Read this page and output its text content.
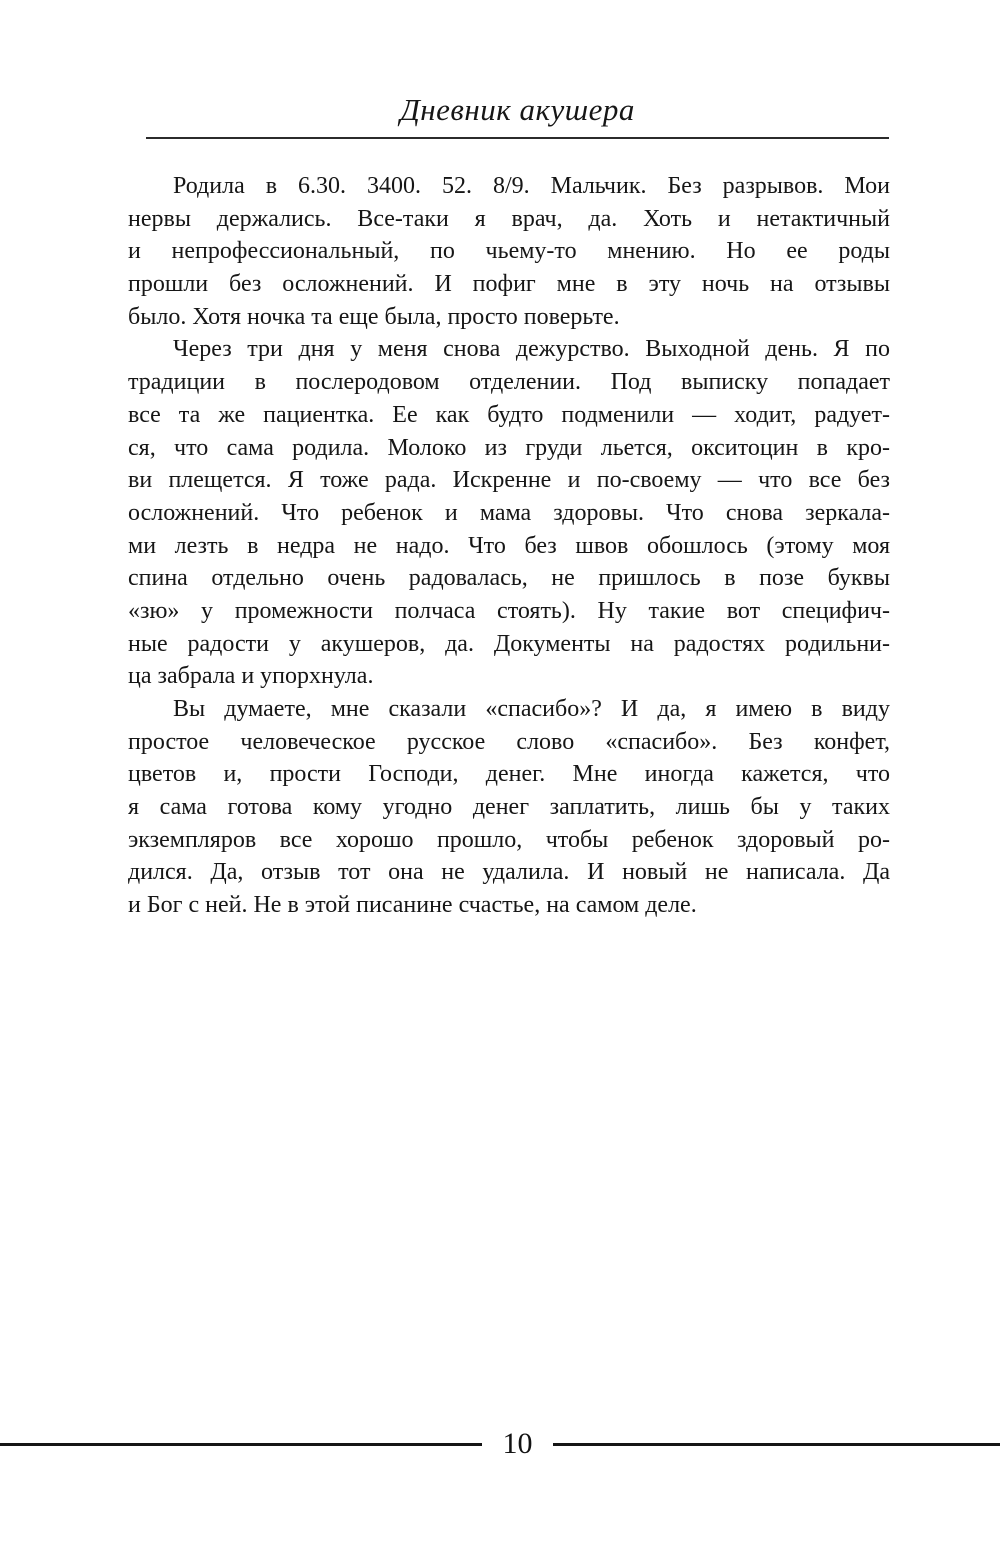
Дневник акушера
Родила в 6.30. 3400. 52. 8/9. Мальчик. Без разрывов. Мои
нервы держались. Все-таки я врач, да. Хоть и нетактичный
и непрофессиональный, по чьему-то мнению. Но ее роды
прошли без осложнений. И пофиг мне в эту ночь на отзывы
было. Хотя ночка та еще была, просто поверьте.
Через три дня у меня снова дежурство. Выходной день. Я по
традиции в послеродовом отделении. Под выписку попадает
все та же пациентка. Ее как будто подменили — ходит, радует-
ся, что сама родила. Молоко из груди льется, окситоцин в кро-
ви плещется. Я тоже рада. Искренне и по-своему — что все без
осложнений. Что ребенок и мама здоровы. Что снова зеркала-
ми лезть в недра не надо. Что без швов обошлось (этому моя
спина отдельно очень радовалась, не пришлось в позе буквы
«зю» у промежности полчаса стоять). Ну такие вот специфич-
ные радости у акушеров, да. Документы на радостях родильни-
ца забрала и упорхнула.
Вы думаете, мне сказали «спасибо»? И да, я имею в виду
простое человеческое русское слово «спасибо». Без конфет,
цветов и, прости Господи, денег. Мне иногда кажется, что
я сама готова кому угодно денег заплатить, лишь бы у таких
экземпляров все хорошо прошло, чтобы ребенок здоровый ро-
дился. Да, отзыв тот она не удалила. И новый не написала. Да
и Бог с ней. Не в этой писанине счастье, на самом деле.
10
